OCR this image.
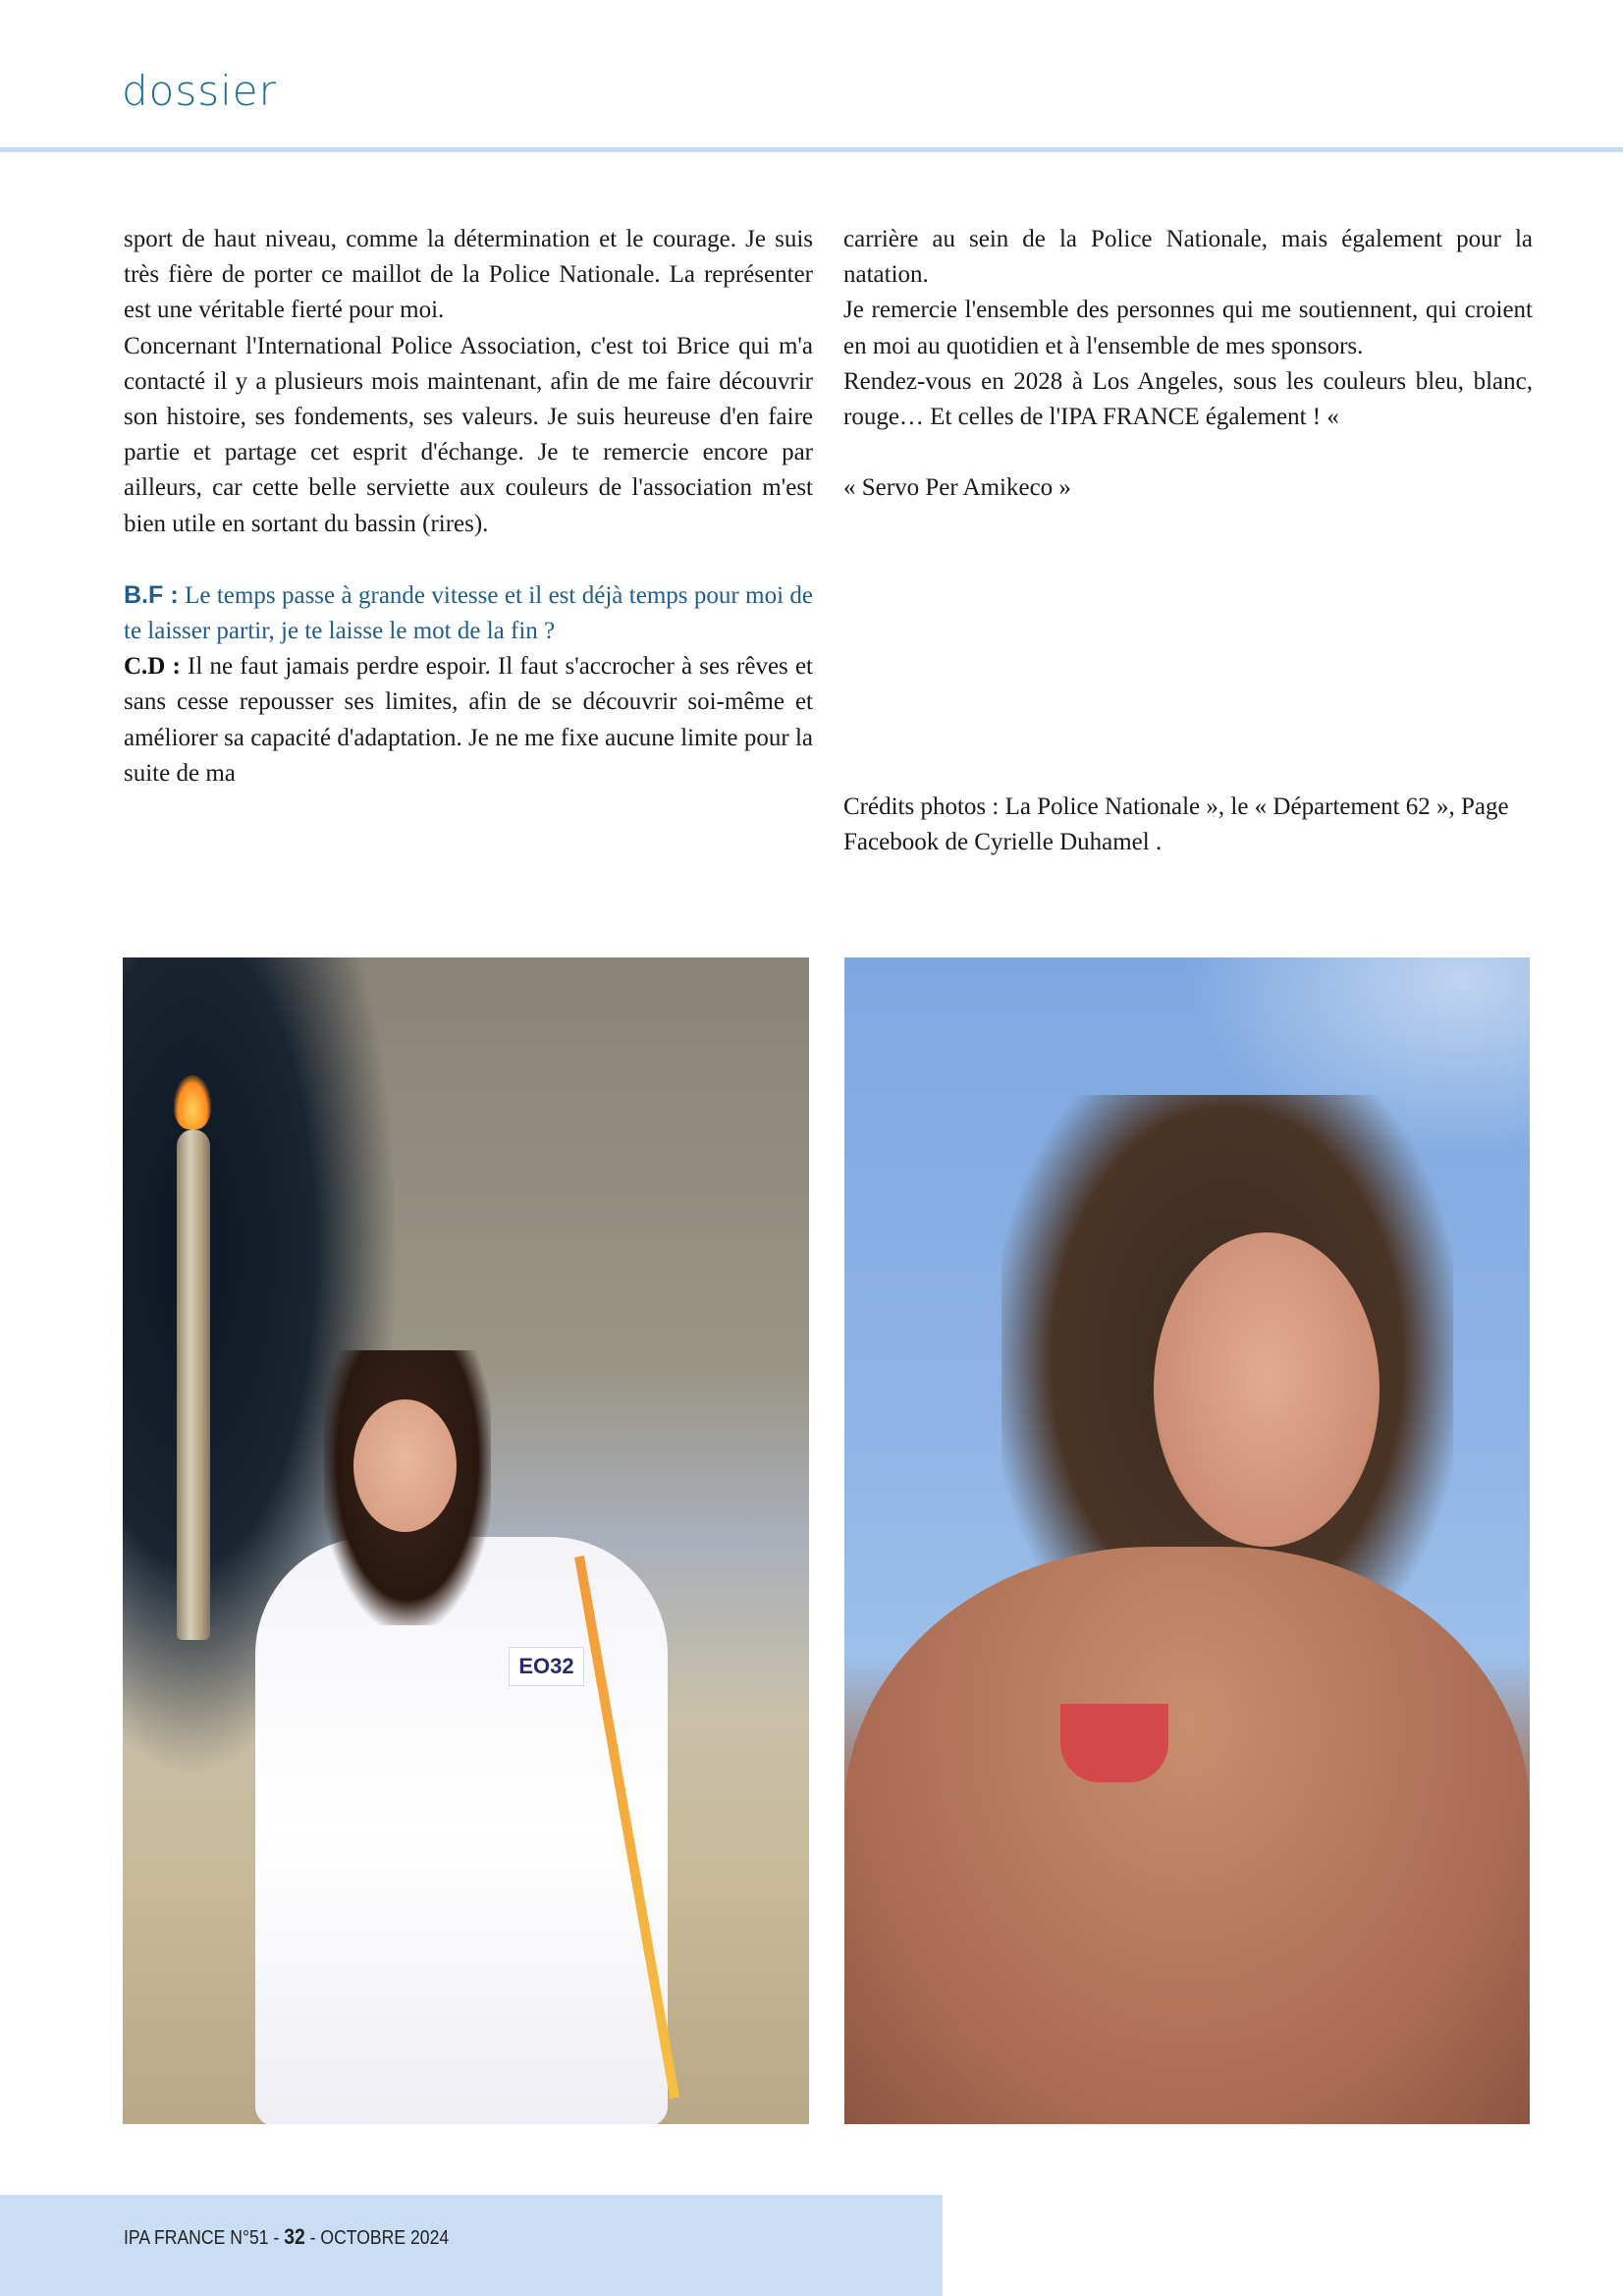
dossier

sport de haut niveau, comme la détermination et le courage. Je suis très fière de porter ce maillot de la Police Nationale. La représenter est une véritable fierté pour moi.

Concernant l'International Police Association, c'est toi Brice qui m'a contacté il y a plusieurs mois maintenant, afin de me faire découvrir son histoire, ses fondements, ses valeurs. Je suis heureuse d'en faire partie et partage cet esprit d'échange. Je te remercie encore par ailleurs, car cette belle serviette aux couleurs de l'association m'est bien utile en sortant du bassin (rires).

B.F : Le temps passe à grande vitesse et il est déjà temps pour moi de te laisser partir, je te laisse le mot de la fin ?

C.D : Il ne faut jamais perdre espoir. Il faut s'accrocher à ses rêves et sans cesse repousser ses limites, afin de se découvrir soi-même et améliorer sa capacité d'adaptation. Je ne me fixe aucune limite pour la suite de ma

carrière au sein de la Police Nationale, mais également pour la natation.

Je remercie l'ensemble des personnes qui me soutiennent, qui croient en moi au quotidien et à l'ensemble de mes sponsors.

Rendez-vous en 2028 à Los Angeles, sous les couleurs bleu, blanc, rouge… Et celles de l'IPA FRANCE également ! «

« Servo Per Amikeco »

Crédits photos : La Police Nationale », le « Département 62 », Page Facebook de Cyrielle Duhamel .
EO32
IPA FRANCE N°51 - 32 - OCTOBRE 2024
